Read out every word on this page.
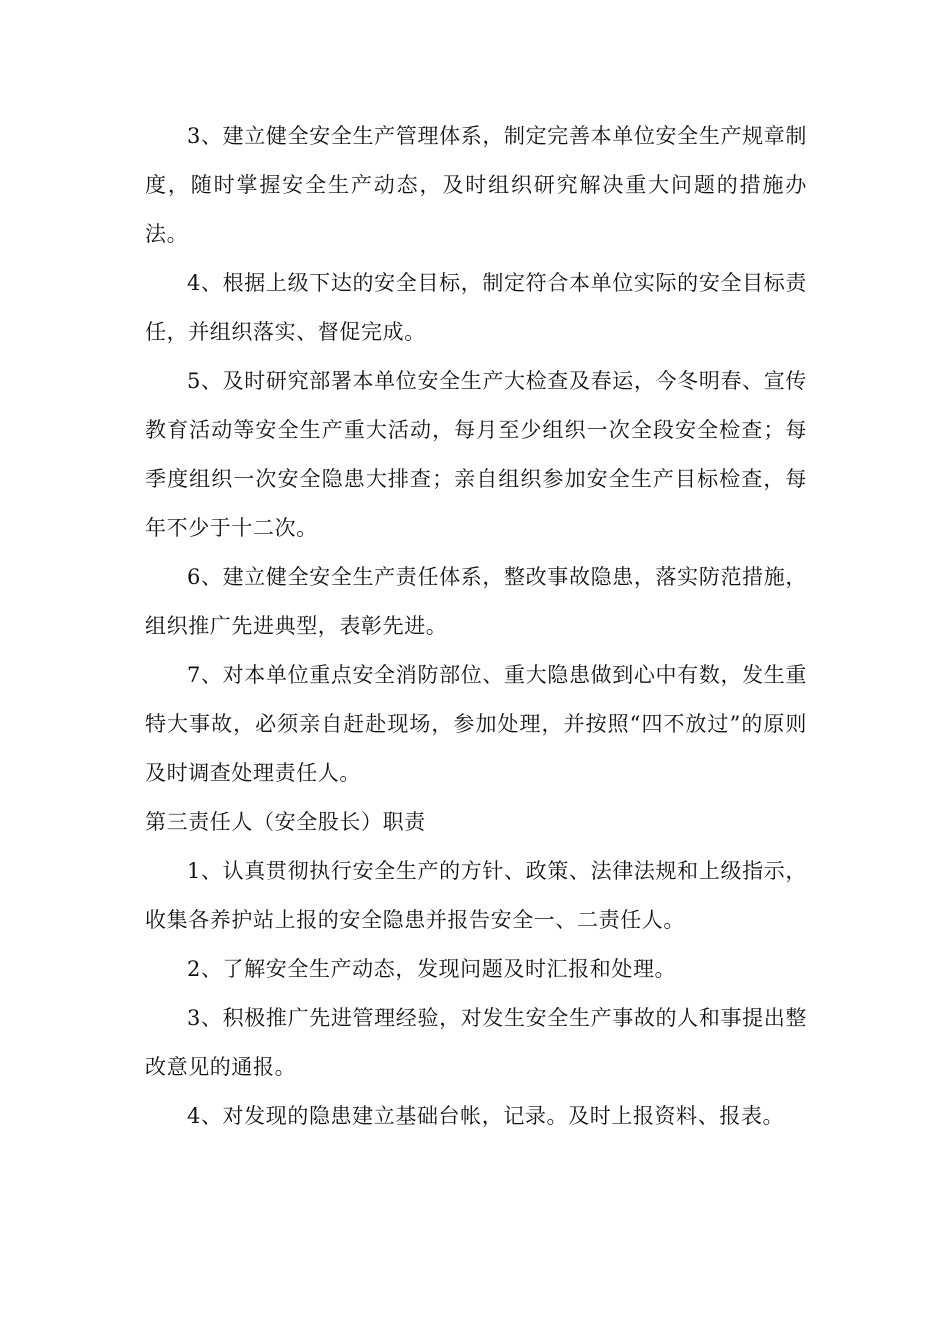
3、建立健全安全生产管理体系，制定完善本单位安全生产规章制度，随时掌握安全生产动态，及时组织研究解决重大问题的措施办法。

4、根据上级下达的安全目标，制定符合本单位实际的安全目标责任，并组织落实、督促完成。

5、及时研究部署本单位安全生产大检查及春运，今冬明春、宣传教育活动等安全生产重大活动，每月至少组织一次全段安全检查；每季度组织一次安全隐患大排查；亲自组织参加安全生产目标检查，每年不少于十二次。

6、建立健全安全生产责任体系，整改事故隐患，落实防范措施，组织推广先进典型，表彰先进。

7、对本单位重点安全消防部位、重大隐患做到心中有数，发生重特大事故，必须亲自赶赴现场，参加处理，并按照“四不放过”的原则及时调查处理责任人。

第三责任人（安全股长）职责

1、认真贯彻执行安全生产的方针、政策、法律法规和上级指示，收集各养护站上报的安全隐患并报告安全一、二责任人。

2、了解安全生产动态，发现问题及时汇报和处理。

3、积极推广先进管理经验，对发生安全生产事故的人和事提出整改意见的通报。

4、对发现的隐患建立基础台帐，记录。及时上报资料、报表。
